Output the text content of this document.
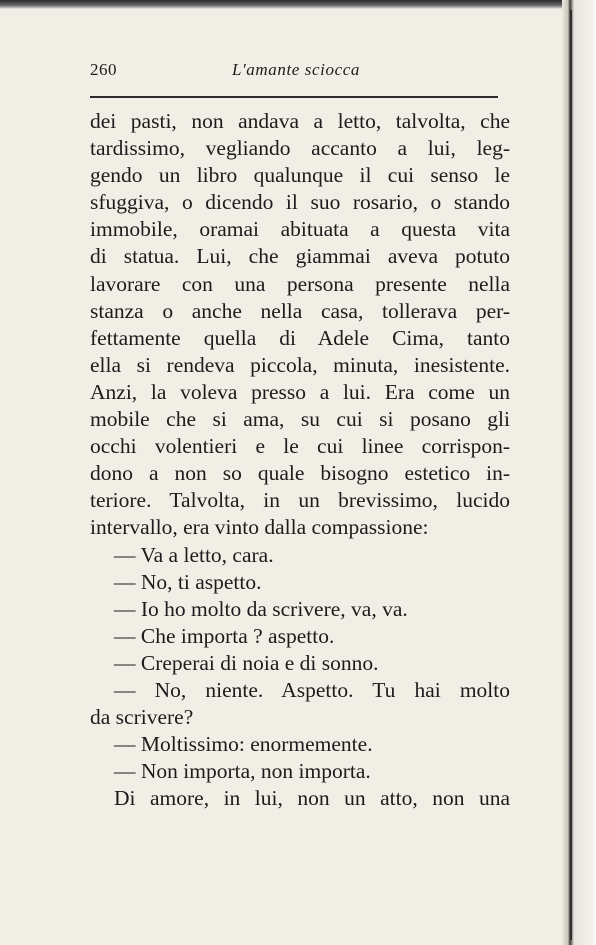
260	L'amante sciocca
dei pasti, non andava a letto, talvolta, che
tardissimo, vegliando accanto a lui, leg-
gendo un libro qualunque il cui senso le
sfuggiva, o dicendo il suo rosario, o stando
immobile, oramai abituata a questa vita
di statua. Lui, che giammai aveva potuto
lavorare con una persona presente nella
stanza o anche nella casa, tollerava per-
fettamente quella di Adele Cima, tanto
ella si rendeva piccola, minuta, inesistente.
Anzi, la voleva presso a lui. Era come un
mobile che si ama, su cui si posano gli
occhi volentieri e le cui linee corrispon-
dono a non so quale bisogno estetico in-
teriore. Talvolta, in un brevissimo, lucido
intervallo, era vinto dalla compassione:
— Va a letto, cara.
— No, ti aspetto.
— Io ho molto da scrivere, va, va.
— Che importa ? aspetto.
— Creperai di noia e di sonno.
— No, niente. Aspetto. Tu hai molto
da scrivere?
— Moltissimo: enormemente.
— Non importa, non importa.
Di amore, in lui, non un atto, non una
